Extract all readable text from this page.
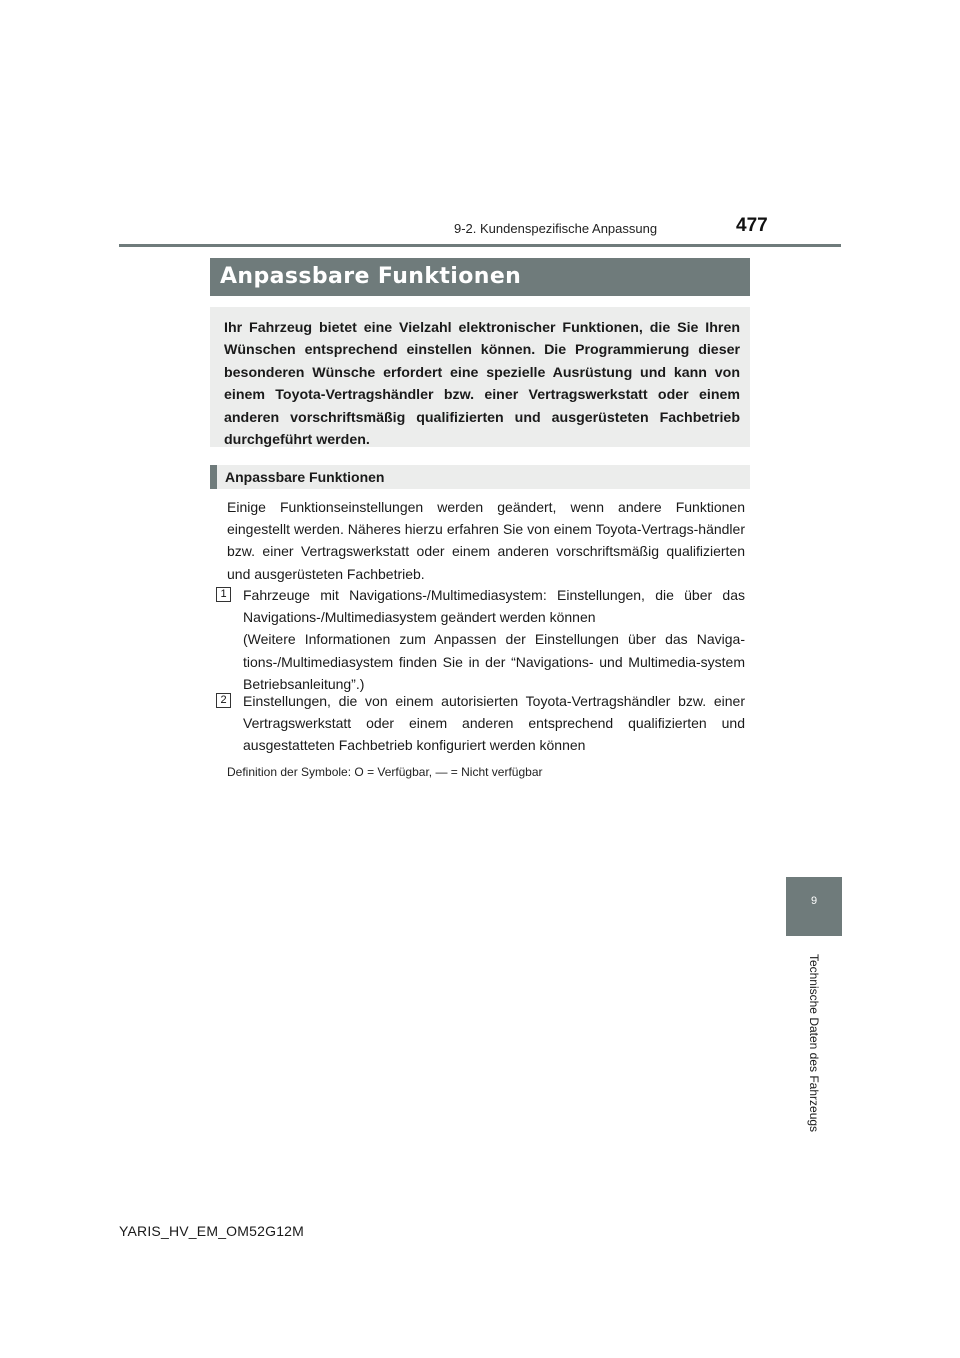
9-2. Kundenspezifische Anpassung	477
Anpassbare Funktionen
Ihr Fahrzeug bietet eine Vielzahl elektronischer Funktionen, die Sie Ihren Wünschen entsprechend einstellen können. Die Programmierung dieser besonderen Wünsche erfordert eine spezielle Ausrüstung und kann von einem Toyota-Vertragshändler bzw. einer Vertragswerkstatt oder einem anderen vorschriftsmäßig qualifizierten und ausgerüsteten Fachbetrieb durchgeführt werden.
Anpassbare Funktionen
Einige Funktionseinstellungen werden geändert, wenn andere Funktionen eingestellt werden. Näheres hierzu erfahren Sie von einem Toyota-Vertrags-händler bzw. einer Vertragswerkstatt oder einem anderen vorschriftsmäßig qualifizierten und ausgerüsteten Fachbetrieb.
1	Fahrzeuge mit Navigations-/Multimediasystem: Einstellungen, die über das Navigations-/Multimediasystem geändert werden können

(Weitere Informationen zum Anpassen der Einstellungen über das Naviga-tions-/Multimediasystem finden Sie in der “Navigations- und Multimedia-system Betriebsanleitung”.)

2	Einstellungen, die von einem autorisierten Toyota-Vertragshändler bzw. einer Vertragswerkstatt oder einem anderen entsprechend qualifizierten und ausgestatteten Fachbetrieb konfiguriert werden können

Definition der Symbole: O = Verfügbar, — = Nicht verfügbar
9
Technische Daten des Fahrzeugs
YARIS_HV_EM_OM52G12M
